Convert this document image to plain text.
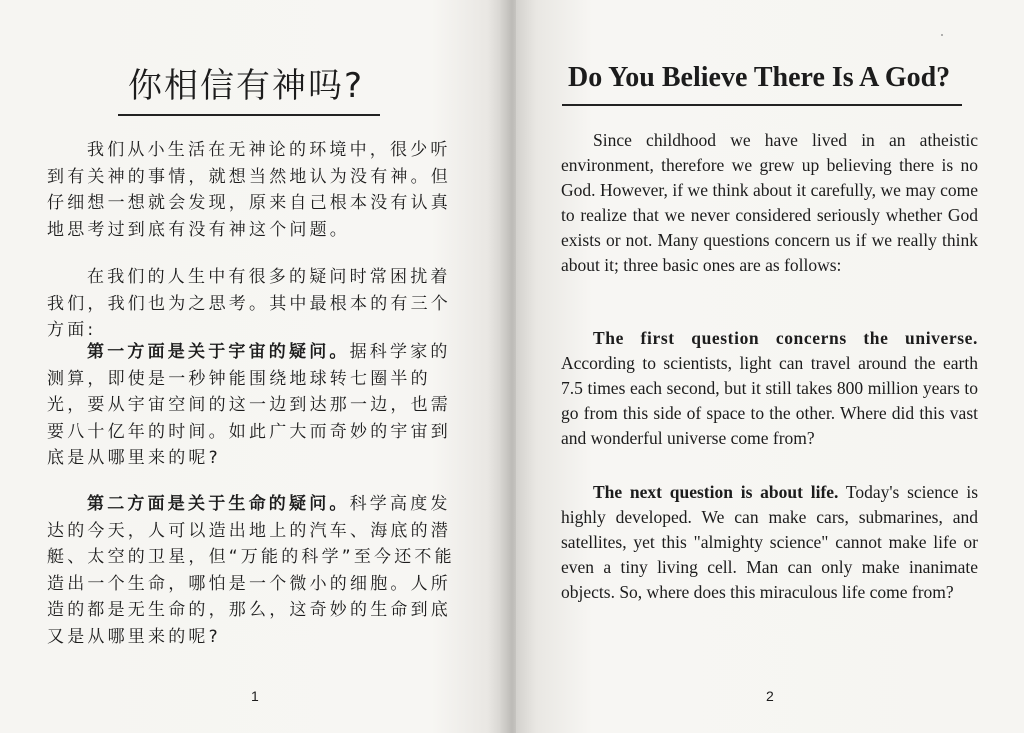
你相信有神吗?

我们从小生活在无神论的环境中，很少听到有关神的事情，就想当然地认为没有神。但仔细想一想就会发现，原来自己根本没有认真地思考过到底有没有神这个问题。

在我们的人生中有很多的疑问时常困扰着我们，我们也为之思考。其中最根本的有三个方面:

第一方面是关于宇宙的疑问。据科学家的测算，即使是一秒钟能围绕地球转七圈半的光，要从宇宙空间的这一边到达那一边，也需要八十亿年的时间。如此广大而奇妙的宇宙到底是从哪里来的呢?

第二方面是关于生命的疑问。科学高度发达的今天，人可以造出地上的汽车、海底的潜艇、太空的卫星，但“万能的科学”至今还不能造出一个生命，哪怕是一个微小的细胞。人所造的都是无生命的，那么，这奇妙的生命到底又是从哪里来的呢?

1
Do You Believe There Is A God?

Since childhood we have lived in an atheistic environment, therefore we grew up believing there is no God. However, if we think about it carefully, we may come to realize that we never considered seriously whether God exists or not. Many questions concern us if we really think about it; three basic ones are as follows:

The first question concerns the universe. According to scientists, light can travel around the earth 7.5 times each second, but it still takes 800 million years to go from this side of space to the other. Where did this vast and wonderful universe come from?

The next question is about life. Today's science is highly developed. We can make cars, submarines, and satellites, yet this "almighty science" cannot make life or even a tiny living cell. Man can only make inanimate objects. So, where does this miraculous life come from?

2
